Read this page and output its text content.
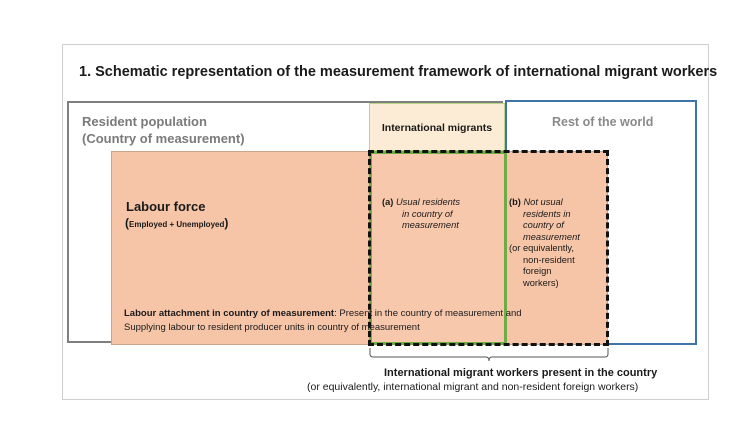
1. Schematic representation of the measurement framework of international migrant workers
Resident population
(Country of measurement)
Rest of the world
International migrants
Labour force
(Employed + Unemployed)
(a) Usual residents
in country of
measurement
(b) Not usual
residents in
country of
measurement
(or equivalently,
non-resident
foreign
workers)
Labour attachment in country of measurement: Present in the country of measurement and
Supplying labour to resident producer units in country of measurement
International migrant workers present in the country
(or equivalently, international migrant and non-resident foreign workers)
